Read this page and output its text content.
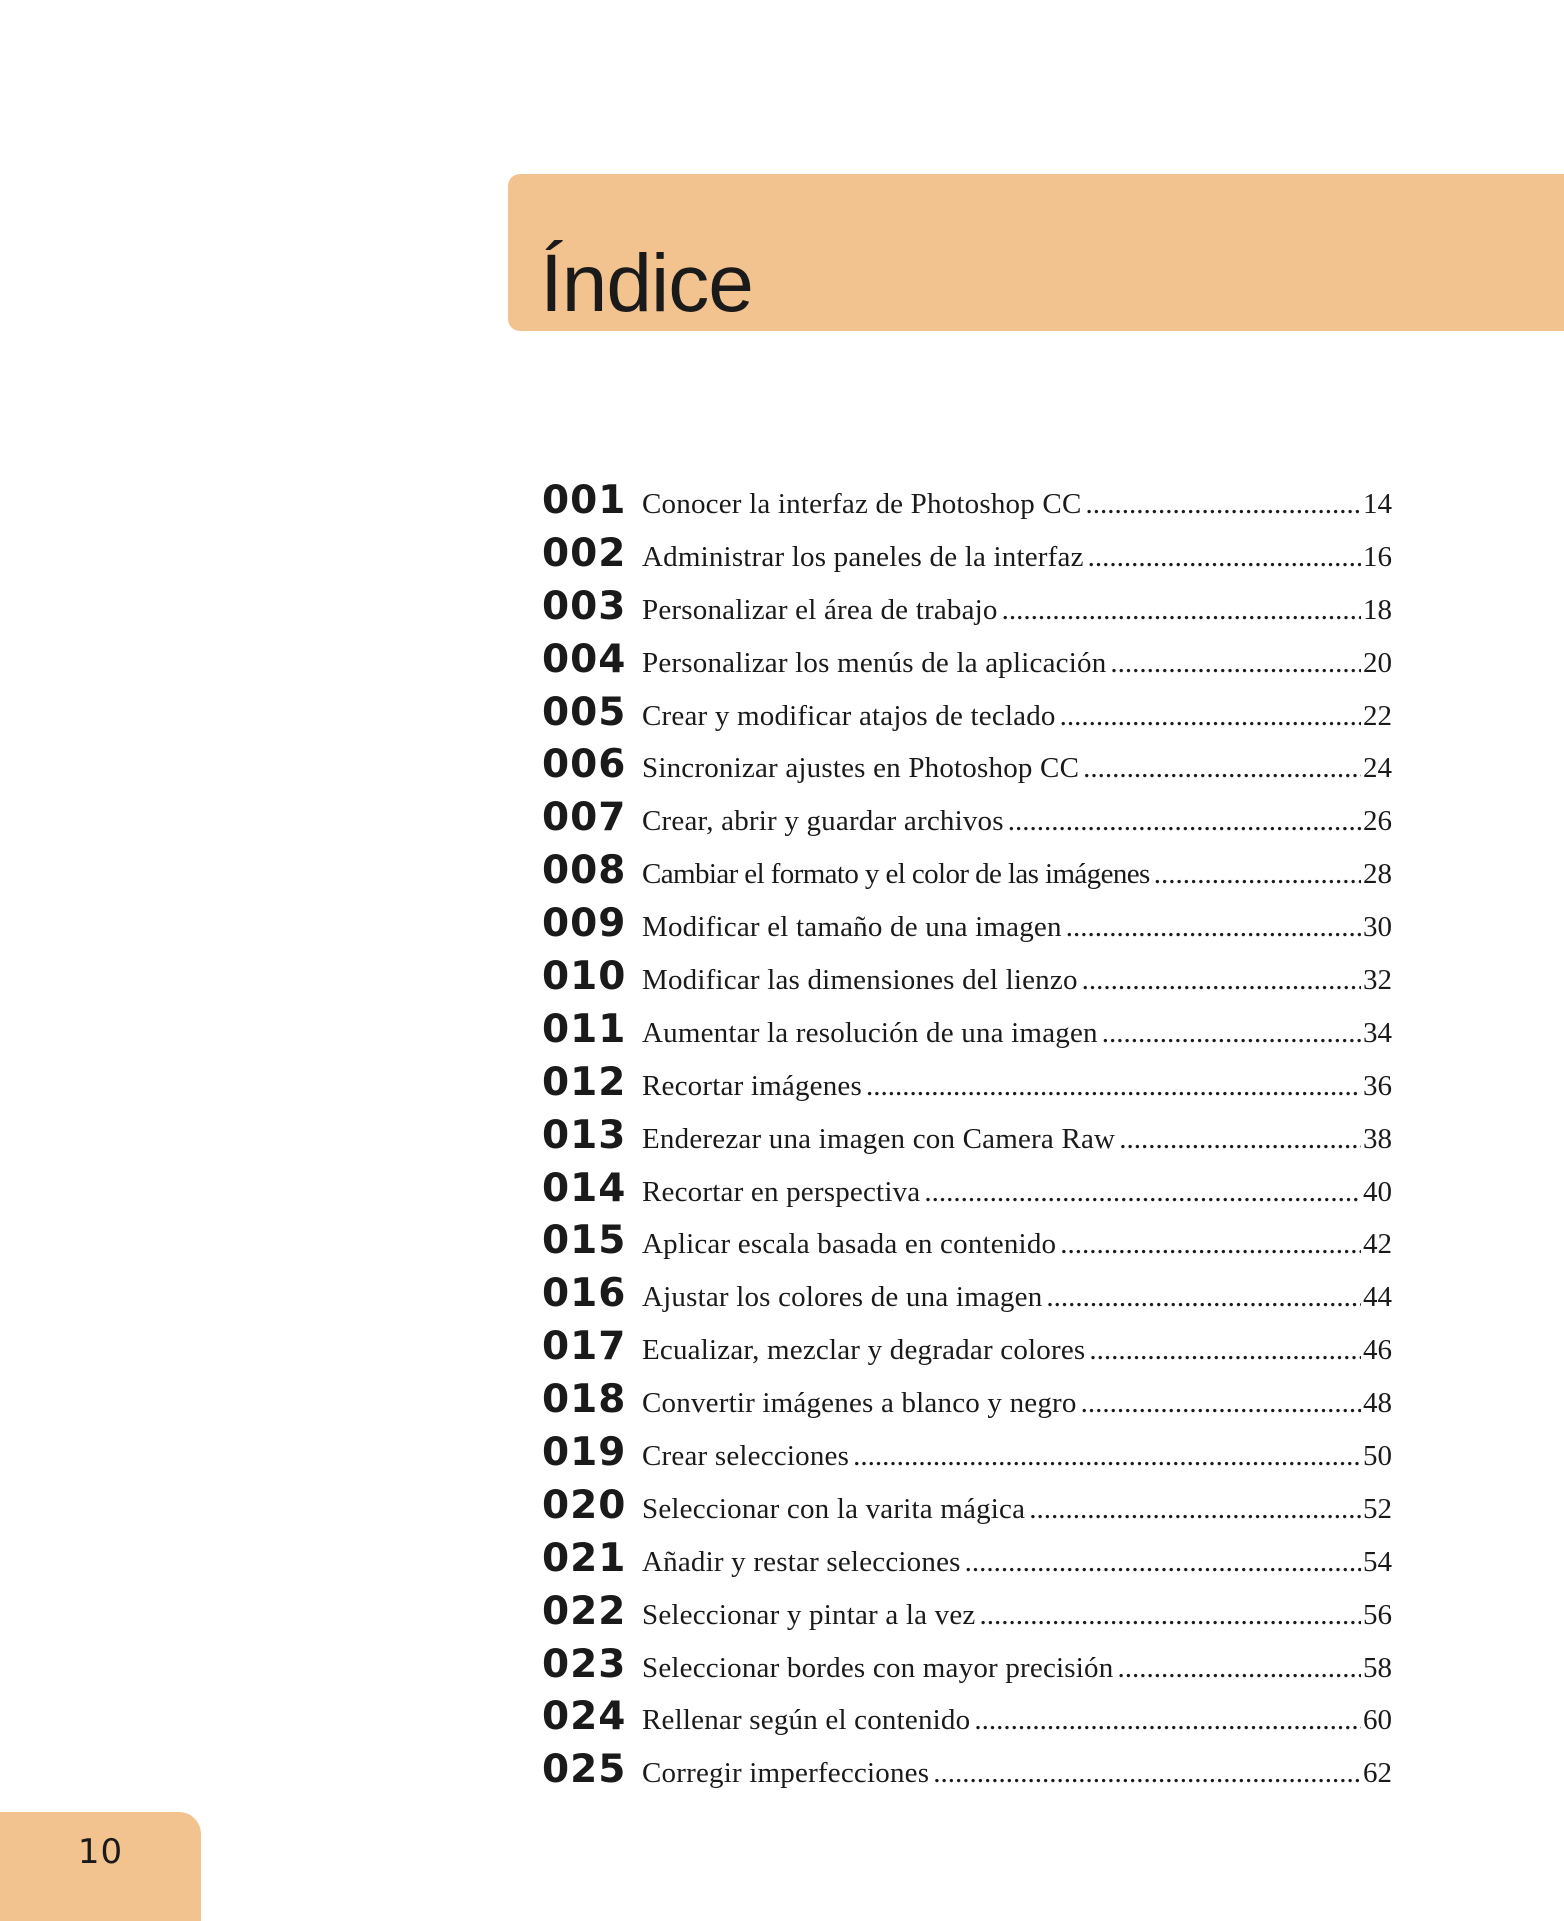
Índice
001 Conocer la interfaz de Photoshop CC .....	14
002 Administrar los paneles de la interfaz .....	16
003 Personalizar el área de trabajo .....	18
004 Personalizar los menús de la aplicación .....	20
005 Crear y modificar atajos de teclado .....	22
006 Sincronizar ajustes en Photoshop CC .....	24
007 Crear, abrir y guardar archivos .....	26
008 Cambiar el formato y el color de las imágenes .....	28
009 Modificar el tamaño de una imagen .....	30
010 Modificar las dimensiones del lienzo .....	32
011 Aumentar la resolución de una imagen .....	34
012 Recortar imágenes .....	36
013 Enderezar una imagen con Camera Raw .....	38
014 Recortar en perspectiva .....	40
015 Aplicar escala basada en contenido .....	42
016 Ajustar los colores de una imagen .....	44
017 Ecualizar, mezclar y degradar colores .....	46
018 Convertir imágenes a blanco y negro .....	48
019 Crear selecciones .....	50
020 Seleccionar con la varita mágica .....	52
021 Añadir y restar selecciones .....	54
022 Seleccionar y pintar a la vez .....	56
023 Seleccionar bordes con mayor precisión .....	58
024 Rellenar según el contenido .....	60
025 Corregir imperfecciones .....	62
10
